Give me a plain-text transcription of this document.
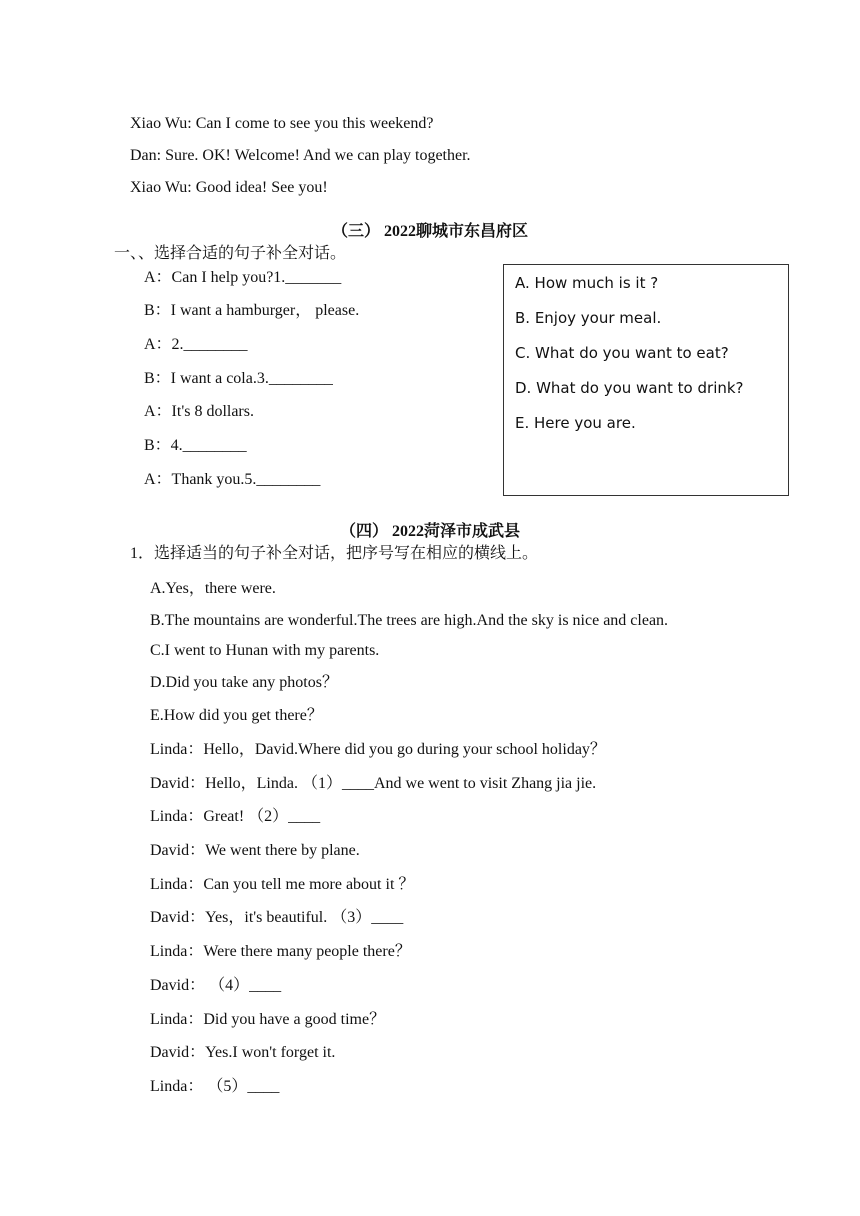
Xiao Wu: Can I come to see you this weekend?
Dan: Sure. OK! Welcome! And we can play together.
Xiao Wu: Good idea! See you!
（三） 2022聊城市东昌府区
一、、选择合适的句子补全对话。
A：Can I help you?1._______
B：I want a hamburger， please.
A：2.________
B：I want a cola.3.________
A：It's 8 dollars.
B：4.________
A：Thank you.5.________
A. How much is it ?
B. Enjoy your meal.
C. What do you want to eat?
D. What do you want to drink?
E. Here you are.
（四） 2022菏泽市成武县
1．选择适当的句子补全对话，把序号写在相应的横线上。
A.Yes，there were.
B.The mountains are wonderful.The trees are high.And the sky is nice and clean.
C.I went to Hunan with my parents.
D.Did you take any photos？
E.How did you get there？
Linda：Hello，David.Where did you go during your school holiday？
David：Hello，Linda. （1）____And we went to visit Zhang jia jie.
Linda：Great! （2）____
David：We went there by plane.
Linda：Can you tell me more about it ？
David：Yes，it's beautiful. （3）____
Linda：Were there many people there？
David： （4）____
Linda：Did you have a good time？
David：Yes.I won't forget it.
Linda： （5）____
